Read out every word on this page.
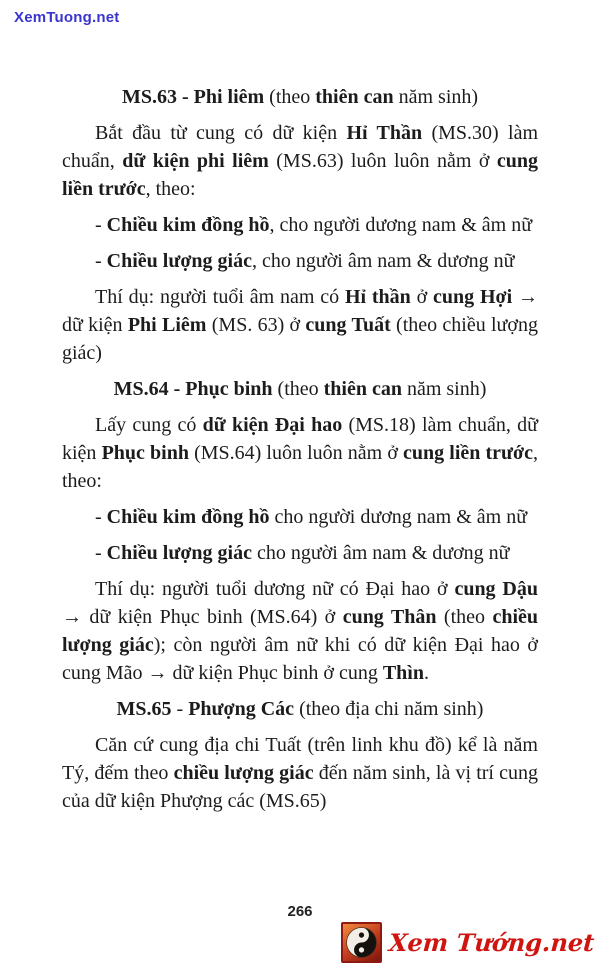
XemTuong.net

MS.63 - Phi liêm (theo thiên can năm sinh)

Bắt đầu từ cung có dữ kiện Hỉ Thần (MS.30) làm chuẩn, dữ kiện phi liêm (MS.63) luôn luôn nằm ở cung liền trước, theo:

- Chiều kim đồng hồ, cho người dương nam & âm nữ

- Chiều lượng giác, cho người âm nam & dương nữ

Thí dụ: người tuổi âm nam có Hỉ thần ở cung Hợi → dữ kiện Phi Liêm (MS. 63) ở cung Tuất (theo chiều lượng giác)

MS.64 - Phục binh (theo thiên can năm sinh)

Lấy cung có dữ kiện Đại hao (MS.18) làm chuẩn, dữ kiện Phục binh (MS.64) luôn luôn nằm ở cung liền trước, theo:

- Chiều kim đồng hồ cho người dương nam & âm nữ

- Chiều lượng giác cho người âm nam & dương nữ

Thí dụ: người tuổi dương nữ có Đại hao ở cung Dậu → dữ kiện Phục binh (MS.64) ở cung Thân (theo chiều lượng giác); còn người âm nữ khi có dữ kiện Đại hao ở cung Mão → dữ kiện Phục binh ở cung Thìn.

MS.65 - Phượng Các (theo địa chi năm sinh)

Căn cứ cung địa chi Tuất (trên linh khu đồ) kể là năm Tý, đếm theo chiều lượng giác đến năm sinh, là vị trí cung của dữ kiện Phượng các (MS.65)

266
Xem Tướng.net
